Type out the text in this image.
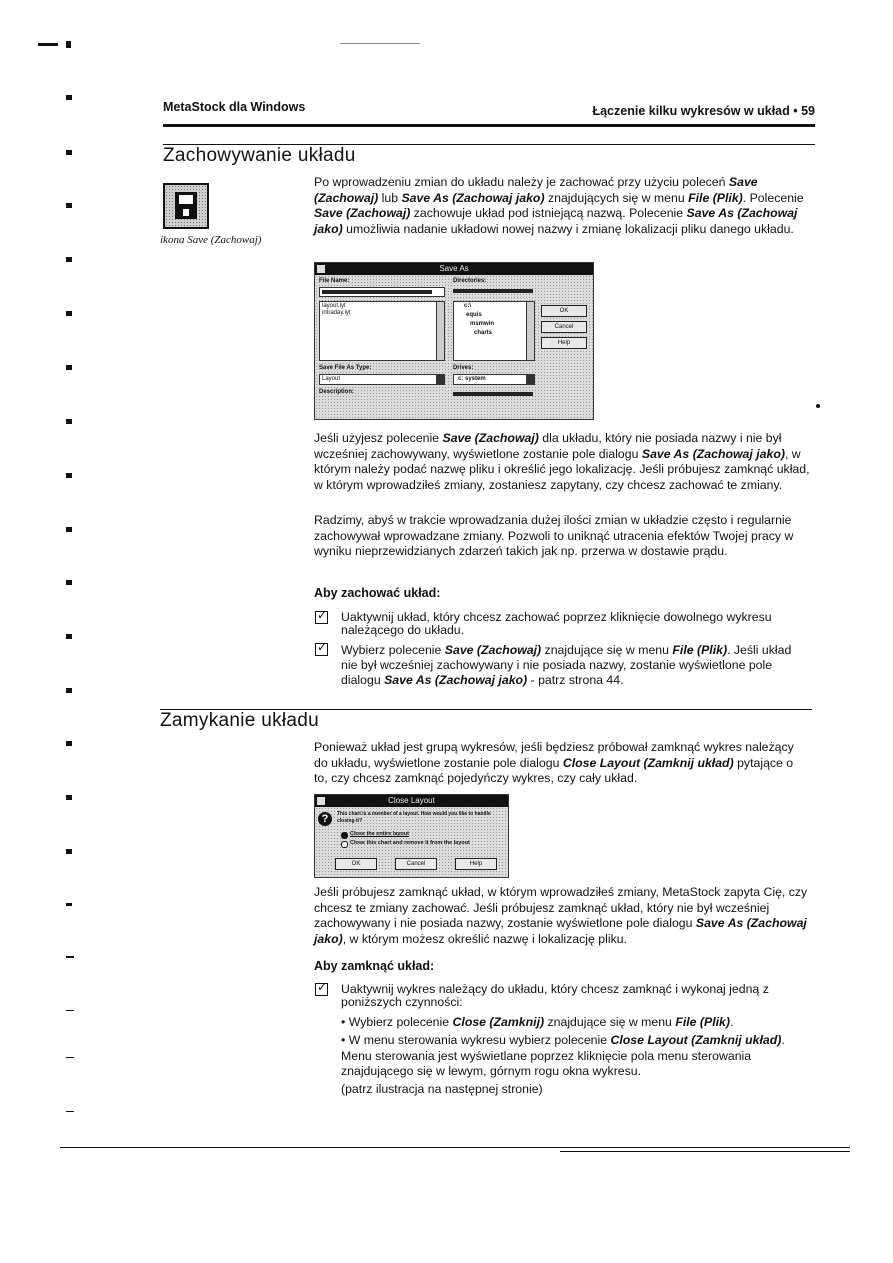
MetaStock dla Windows	Łączenie kilku wykresów w układ • 59
Zachowywanie układu
ikona Save (Zachowaj)
Po wprowadzeniu zmian do układu należy je zachować przy użyciu poleceń Save (Zachowaj) lub Save As (Zachowaj jako) znajdujących się w menu File (Plik). Polecenie Save (Zachowaj) zachowuje układ pod istniejącą nazwą. Polecenie Save As (Zachowaj jako) umożliwia nadanie układowi nowej nazwy i zmianę lokalizacji pliku danego układu.
Save As
File Name:	Directories:
layout.lyt
intraday.lyt
c:\
equis
msmwin
charts
OK
Cancel
Help
Save File As Type:	Drives:
Layout	c: system
Description:
Jeśli użyjesz polecenie Save (Zachowaj) dla układu, który nie posiada nazwy i nie był wcześniej zachowywany, wyświetlone zostanie pole dialogu Save As (Zachowaj jako), w którym należy podać nazwę pliku i określić jego lokalizację. Jeśli próbujesz zamknąć układ, w którym wprowadziłeś zmiany, zostaniesz zapytany, czy chcesz zachować te zmiany.
Radzimy, abyś w trakcie wprowadzania dużej ilości zmian w układzie często i regularnie zachowywał wprowadzane zmiany. Pozwoli to uniknąć utracenia efektów Twojej pracy w wyniku nieprzewidzianych zdarzeń takich jak np. przerwa w dostawie prądu.
Aby zachować układ:
✓
Uaktywnij układ, który chcesz zachować poprzez kliknięcie dowolnego wykresu należącego do układu.
✓
Wybierz polecenie Save (Zachowaj) znajdujące się w menu File (Plik). Jeśli układ nie był wcześniej zachowywany i nie posiada nazwy, zostanie wyświetlone pole dialogu Save As (Zachowaj jako) - patrz strona 44.
Zamykanie układu
Ponieważ układ jest grupą wykresów, jeśli będziesz próbował zamknąć wykres należący do układu, wyświetlone zostanie pole dialogu Close Layout (Zamknij układ) pytające o to, czy chcesz zamknąć pojedyńczy wykres, czy cały układ.
Close Layout
?	This chart is a member of a layout. How would you like to handle closing it?
Close the entire layout
Close this chart and remove it from the layout
OK	Cancel	Help
Jeśli próbujesz zamknąć układ, w którym wprowadziłeś zmiany, MetaStock zapyta Cię, czy chcesz te zmiany zachować. Jeśli próbujesz zamknąć układ, który nie był wcześniej zachowywany i nie posiada nazwy, zostanie wyświetlone pole dialogu Save As (Zachowaj jako), w którym możesz określić nazwę i lokalizację pliku.
Aby zamknąć układ:
✓
Uaktywnij wykres należący do układu, który chcesz zamknąć i wykonaj jedną z poniższych czynności:
• Wybierz polecenie Close (Zamknij) znajdujące się w menu File (Plik).
• W menu sterowania wykresu wybierz polecenie Close Layout (Zamknij układ). Menu sterowania jest wyświetlane poprzez kliknięcie pola menu sterowania znajdującego się w lewym, górnym rogu okna wykresu.
(patrz ilustracja na następnej stronie)
